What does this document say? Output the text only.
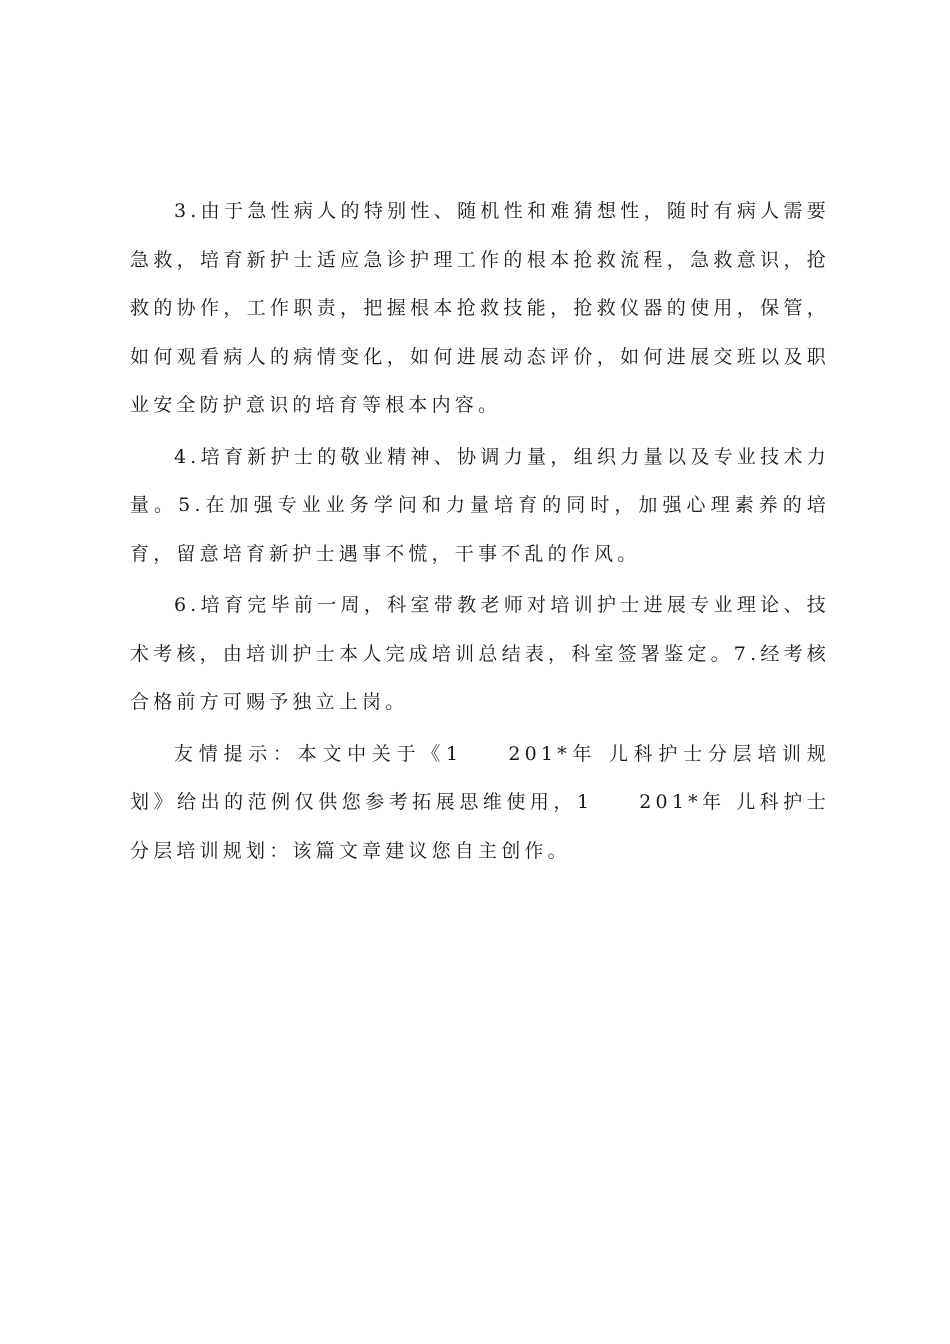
3.由于急性病人的特别性、随机性和难猜想性，随时有病人需要急救，培育新护士适应急诊护理工作的根本抢救流程，急救意识，抢救的协作，工作职责，把握根本抢救技能，抢救仪器的使用，保管，如何观看病人的病情变化，如何进展动态评价，如何进展交班以及职业安全防护意识的培育等根本内容。

4.培育新护士的敬业精神、协调力量，组织力量以及专业技术力量。5.在加强专业业务学问和力量培育的同时，加强心理素养的培育，留意培育新护士遇事不慌，干事不乱的作风。

6.培育完毕前一周，科室带教老师对培训护士进展专业理论、技术考核，由培训护士本人完成培训总结表，科室签署鉴定。7.经考核合格前方可赐予独立上岗。

友情提示：本文中关于《1 201*年 儿科护士分层培训规划》给出的范例仅供您参考拓展思维使用，1 201*年 儿科护士分层培训规划：该篇文章建议您自主创作。
